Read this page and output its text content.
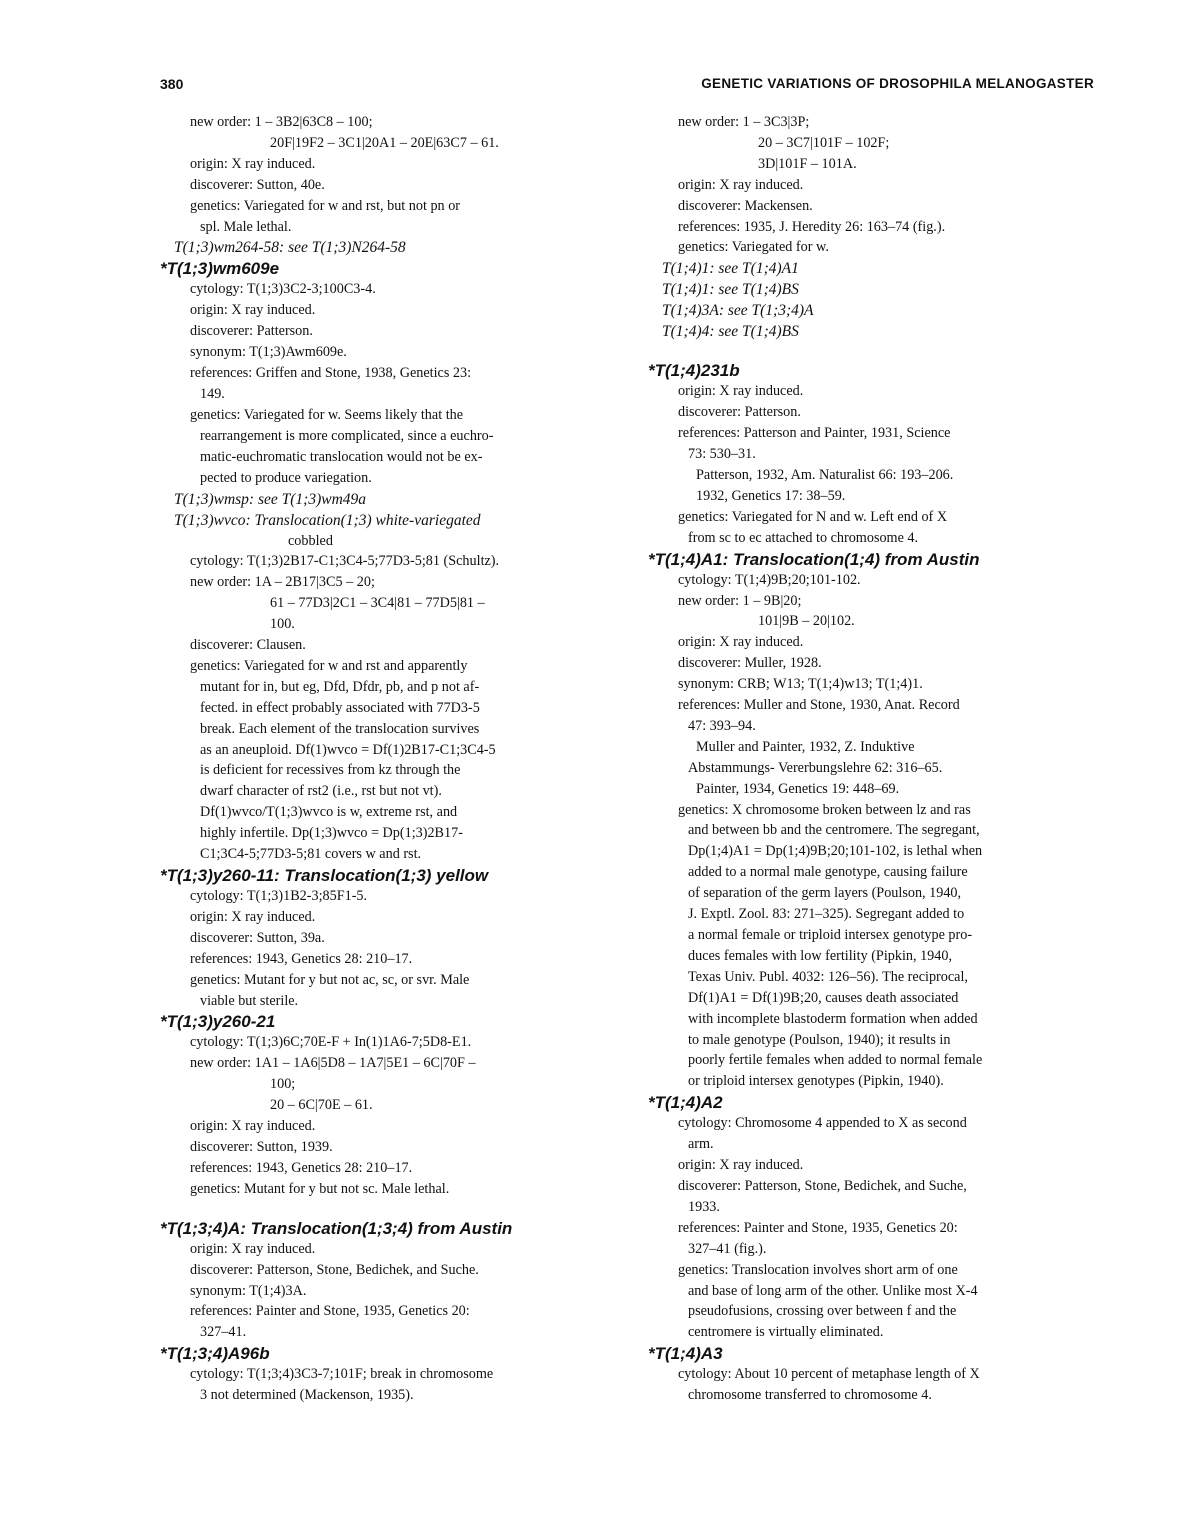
380	GENETIC VARIATIONS OF DROSOPHILA MELANOGASTER
new order: 1 – 3B2|63C8 – 100;
20F|19F2 – 3C1|20A1 – 20E|63C7 – 61.
origin: X ray induced.
discoverer: Sutton, 40e.
genetics: Variegated for w and rst, but not pn or
spl. Male lethal.
T(1;3)wm264-58: see T(1;3)N264-58
*T(1;3)wm609e
cytology: T(1;3)3C2-3;100C3-4.
origin: X ray induced.
discoverer: Patterson.
synonym: T(1;3)Awm609e.
references: Griffen and Stone, 1938, Genetics 23:
149.
genetics: Variegated for w. Seems likely that the
rearrangement is more complicated, since a euchro-
matic-euchromatic translocation would not be ex-
pected to produce variegation.
T(1;3)wmsp: see T(1;3)wm49a
T(1;3)wvco: Translocation(1;3) white-variegated
cobbled
cytology: T(1;3)2B17-C1;3C4-5;77D3-5;81 (Schultz).
new order: 1A – 2B17|3C5 – 20;
61 – 77D3|2C1 – 3C4|81 – 77D5|81 –
100.
discoverer: Clausen.
genetics: Variegated for w and rst and apparently
mutant for in, but eg, Dfd, Dfdr, pb, and p not af-
fected. in effect probably associated with 77D3-5
break. Each element of the translocation survives
as an aneuploid. Df(1)wvco = Df(1)2B17-C1;3C4-5
is deficient for recessives from kz through the
dwarf character of rst2 (i.e., rst but not vt).
Df(1)wvco/T(1;3)wvco is w, extreme rst, and
highly infertile. Dp(1;3)wvco = Dp(1;3)2B17-
C1;3C4-5;77D3-5;81 covers w and rst.
*T(1;3)y260-11: Translocation(1;3) yellow
cytology: T(1;3)1B2-3;85F1-5.
origin: X ray induced.
discoverer: Sutton, 39a.
references: 1943, Genetics 28: 210–17.
genetics: Mutant for y but not ac, sc, or svr. Male
viable but sterile.
*T(1;3)y260-21
cytology: T(1;3)6C;70E-F + In(1)1A6-7;5D8-E1.
new order: 1A1 – 1A6|5D8 – 1A7|5E1 – 6C|70F –
100;
20 – 6C|70E – 61.
origin: X ray induced.
discoverer: Sutton, 1939.
references: 1943, Genetics 28: 210–17.
genetics: Mutant for y but not sc. Male lethal.
*T(1;3;4)A: Translocation(1;3;4) from Austin
origin: X ray induced.
discoverer: Patterson, Stone, Bedichek, and Suche.
synonym: T(1;4)3A.
references: Painter and Stone, 1935, Genetics 20:
327–41.
*T(1;3;4)A96b
cytology: T(1;3;4)3C3-7;101F; break in chromosome
3 not determined (Mackenson, 1935).
new order: 1 – 3C3|3P;
20 – 3C7|101F – 102F;
3D|101F – 101A.
origin: X ray induced.
discoverer: Mackensen.
references: 1935, J. Heredity 26: 163–74 (fig.).
genetics: Variegated for w.
T(1;4)1: see T(1;4)A1
T(1;4)1: see T(1;4)BS
T(1;4)3A: see T(1;3;4)A
T(1;4)4: see T(1;4)BS
*T(1;4)231b
origin: X ray induced.
discoverer: Patterson.
references: Patterson and Painter, 1931, Science
73: 530–31.
Patterson, 1932, Am. Naturalist 66: 193–206.
1932, Genetics 17: 38–59.
genetics: Variegated for N and w. Left end of X
from sc to ec attached to chromosome 4.
*T(1;4)A1: Translocation(1;4) from Austin
cytology: T(1;4)9B;20;101-102.
new order: 1 – 9B|20;
101|9B – 20|102.
origin: X ray induced.
discoverer: Muller, 1928.
synonym: CRB; W13; T(1;4)w13; T(1;4)1.
references: Muller and Stone, 1930, Anat. Record
47: 393–94.
Muller and Painter, 1932, Z. Induktive
Abstammungs- Vererbungslehre 62: 316–65.
Painter, 1934, Genetics 19: 448–69.
genetics: X chromosome broken between lz and ras
and between bb and the centromere. The segregant,
Dp(1;4)A1 = Dp(1;4)9B;20;101-102, is lethal when
added to a normal male genotype, causing failure
of separation of the germ layers (Poulson, 1940,
J. Exptl. Zool. 83: 271–325). Segregant added to
a normal female or triploid intersex genotype pro-
duces females with low fertility (Pipkin, 1940,
Texas Univ. Publ. 4032: 126–56). The reciprocal,
Df(1)A1 = Df(1)9B;20, causes death associated
with incomplete blastoderm formation when added
to male genotype (Poulson, 1940); it results in
poorly fertile females when added to normal female
or triploid intersex genotypes (Pipkin, 1940).
*T(1;4)A2
cytology: Chromosome 4 appended to X as second
arm.
origin: X ray induced.
discoverer: Patterson, Stone, Bedichek, and Suche,
1933.
references: Painter and Stone, 1935, Genetics 20:
327–41 (fig.).
genetics: Translocation involves short arm of one
and base of long arm of the other. Unlike most X-4
pseudofusions, crossing over between f and the
centromere is virtually eliminated.
*T(1;4)A3
cytology: About 10 percent of metaphase length of X
chromosome transferred to chromosome 4.
